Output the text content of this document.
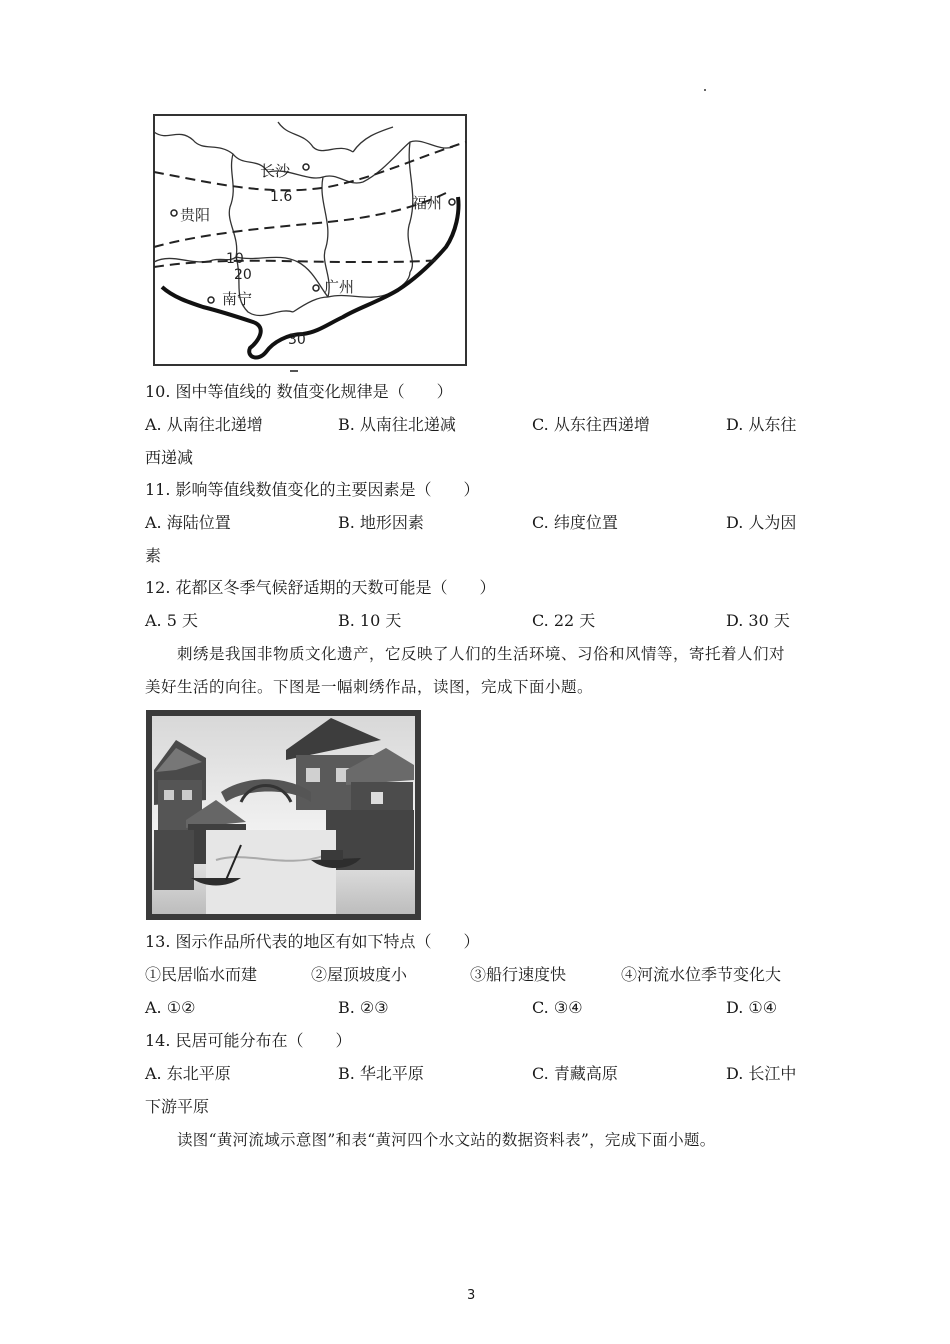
长沙
贵阳
福州
南宁
广州
1.6
10
20
30
10. 图中等值线的 数值变化规律是（　　）
A. 从南往北递增	B. 从南往北递减	C. 从东往西递增	D. 从东往
西递减
11. 影响等值线数值变化的主要因素是（　　）
A. 海陆位置	B. 地形因素	C. 纬度位置	D. 人为因
素
12. 花都区冬季气候舒适期的天数可能是（　　）
A. 5 天	B. 10 天	C. 22 天	D. 30 天
刺绣是我国非物质文化遗产，它反映了人们的生活环境、习俗和风情等，寄托着人们对
美好生活的向往。下图是一幅刺绣作品，读图，完成下面小题。
13. 图示作品所代表的地区有如下特点（　　）
①民居临水而建	②屋顶坡度小	③船行速度快	④河流水位季节变化大
A. ①②	B. ②③	C. ③④	D. ①④
14. 民居可能分布在（　　）
A. 东北平原	B. 华北平原	C. 青藏高原	D. 长江中
下游平原
读图“黄河流域示意图”和表“黄河四个水文站的数据资料表”，完成下面小题。
3
